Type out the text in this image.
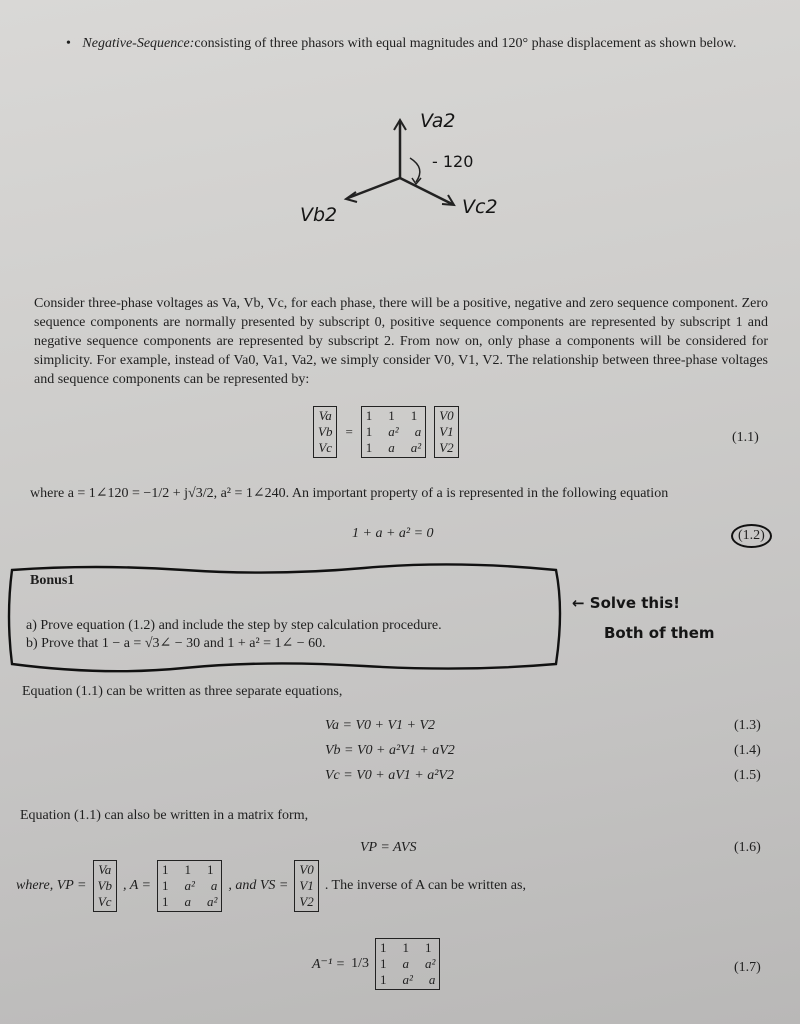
• Negative-Sequence:consisting of three phasors with equal magnitudes and 120° phase displacement as shown below.
Va2
- 120
Vb2	Vc2
Consider three-phase voltages as Va, Vb, Vc, for each phase, there will be a positive, negative and zero sequence component. Zero sequence components are normally presented by subscript 0, positive sequence components are represented by subscript 1 and negative sequence components are represented by subscript 2. From now on, only phase a components will be considered for simplicity. For example, instead of Va0, Va1, Va2, we simply consider V0, V1, V2. The relationship between three-phase voltages and sequence components can be represented by:
Va
Vb
Vc
=
1 1 1
1 a² a
1 a a²
V0
V1
V2
(1.1)
where a = 1∠120 = −1/2 + j√3/2, a² = 1∠240. An important property of a is represented in the following equation
1 + a + a² = 0	(1.2)
Bonus1
a) Prove equation (1.2) and include the step by step calculation procedure.
b) Prove that 1 − a = √3∠ − 30 and 1 + a² = 1∠ − 60.
← Solve this!
Both of them
Equation (1.1) can be written as three separate equations,
Va = V0 + V1 + V2	(1.3)
Vb = V0 + a²V1 + aV2	(1.4)
Vc = V0 + aV1 + a²V2	(1.5)
Equation (1.1) can also be written in a matrix form,
VP = AVS	(1.6)
where, VP =
Va
Vb
Vc
, A =
1 1 1
1 a² a
1 a a²
, and VS =
V0
V1
V2
. The inverse of A can be written as,
A⁻¹ = 1/3
1 1 1
1 a a²
1 a² a
(1.7)
